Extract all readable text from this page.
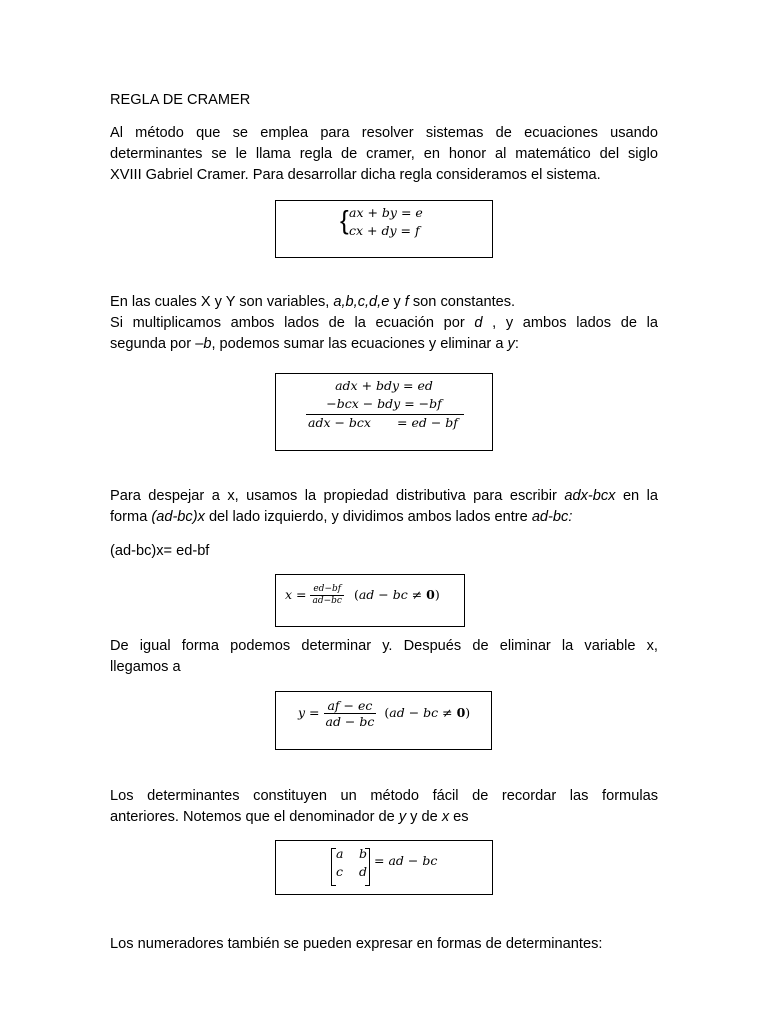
REGLA DE CRAMER
Al método que se emplea para resolver sistemas de ecuaciones usando
determinantes se le llama regla de cramer, en honor al matemático del siglo
XVIII Gabriel Cramer. Para desarrollar dicha regla consideramos el sistema.
{ ax + by = e
cx + dy = f
En las cuales X y Y son variables, a,b,c,d,e y f son constantes.
Si multiplicamos ambos lados de la ecuación por d , y ambos lados de la
segunda por –b, podemos sumar las ecuaciones y eliminar a y:
adx + bdy = ed
−bcx − bdy = −bf
adx − bcx = ed − bf
Para despejar a x, usamos la propiedad distributiva para escribir adx-bcx en la
forma (ad-bc)x del lado izquierdo, y dividimos ambos lados entre ad-bc:
(ad-bc)x= ed-bf
$x = \frac{ed-bf}{ad-bc} (ad$ − bc ≠ 0)
De igual forma podemos determinar y. Después de eliminar la variable x,
llegamos a
$y = \frac{af - ec}{ad - bc} (ad$ − bc ≠ 0)
Los determinantes constituyen un método fácil de recordar las formulas
anteriores. Notemos que el denominador de y y de x es
a b
c d
= ad − bc
Los numeradores también se pueden expresar en formas de determinantes:
